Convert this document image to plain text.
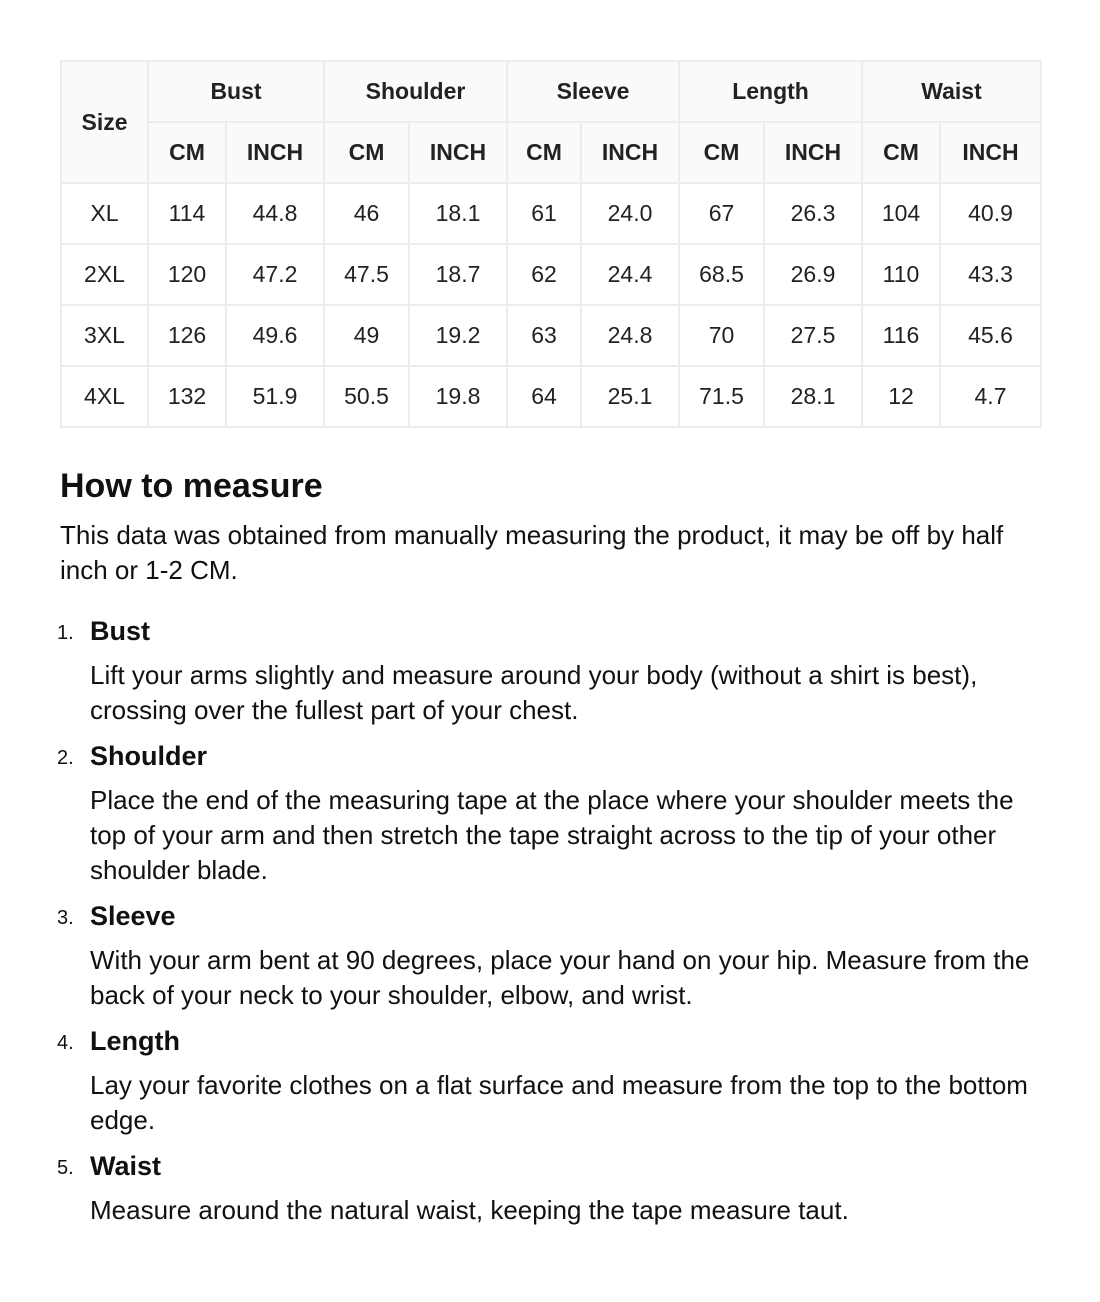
Size	Bust		Shoulder		Sleeve		Length		Waist	
	CM	INCH	CM	INCH	CM	INCH	CM	INCH	CM	INCH
XL	114	44.8	46	18.1	61	24.0	67	26.3	104	40.9
2XL	120	47.2	47.5	18.7	62	24.4	68.5	26.9	110	43.3
3XL	126	49.6	49	19.2	63	24.8	70	27.5	116	45.6
4XL	132	51.9	50.5	19.8	64	25.1	71.5	28.1	12	4.7
How to measure

This data was obtained from manually measuring the product, it may be off by half inch or 1-2 CM.

1. Bust
Lift your arms slightly and measure around your body (without a shirt is best), crossing over the fullest part of your chest.
2. Shoulder
Place the end of the measuring tape at the place where your shoulder meets the top of your arm and then stretch the tape straight across to the tip of your other shoulder blade.
3. Sleeve
With your arm bent at 90 degrees, place your hand on your hip. Measure from the back of your neck to your shoulder, elbow, and wrist.
4. Length
Lay your favorite clothes on a flat surface and measure from the top to the bottom edge.
5. Waist
Measure around the natural waist, keeping the tape measure taut.
